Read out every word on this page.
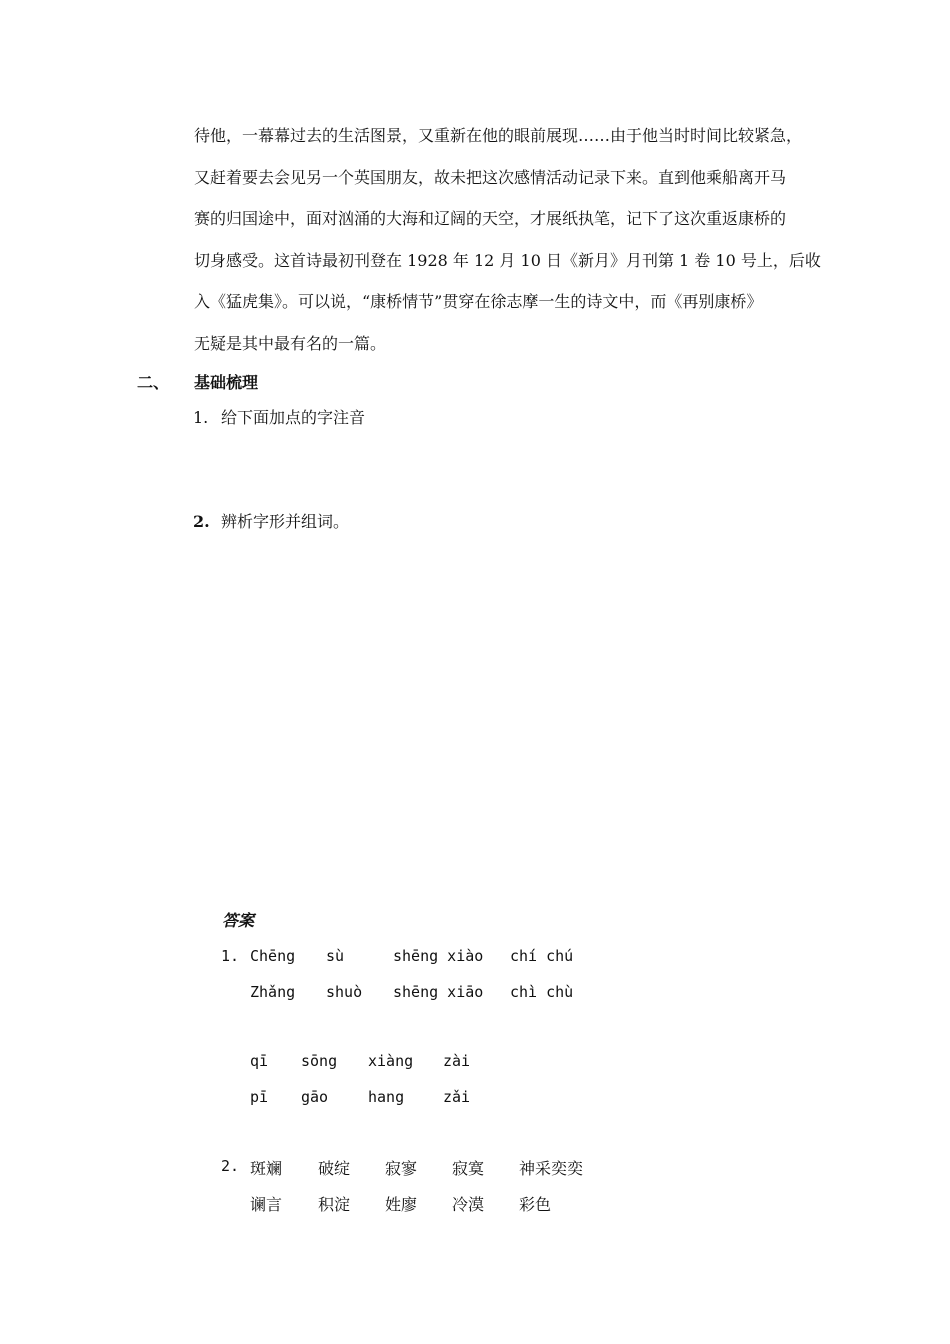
待他，一幕幕过去的生活图景，又重新在他的眼前展现……由于他当时时间比较紧急，
又赶着要去会见另一个英国朋友，故未把这次感情活动记录下来。直到他乘船离开马
赛的归国途中，面对汹涌的大海和辽阔的天空，才展纸执笔，记下了这次重返康桥的
切身感受。这首诗最初刊登在 1928 年 12 月 10 日《新月》月刊第 1 卷 10 号上，后收
入《猛虎集》。可以说，“康桥情节”贯穿在徐志摩一生的诗文中，而《再别康桥》
无疑是其中最有名的一篇。
二、 基础梳理
1. 给下面加点的字注音
2. 辨析字形并组词。
答案
1. Chēng sù	shēng xiào chí chú
Zhǎng shuò shēng xiāo chì chù
qī sōng xiàng zài
pī gāo	hang	zǎi
2. 斑斓 破绽 寂寥 寂寞 神采奕奕
谰言 积淀 姓廖 冷漠 彩色
